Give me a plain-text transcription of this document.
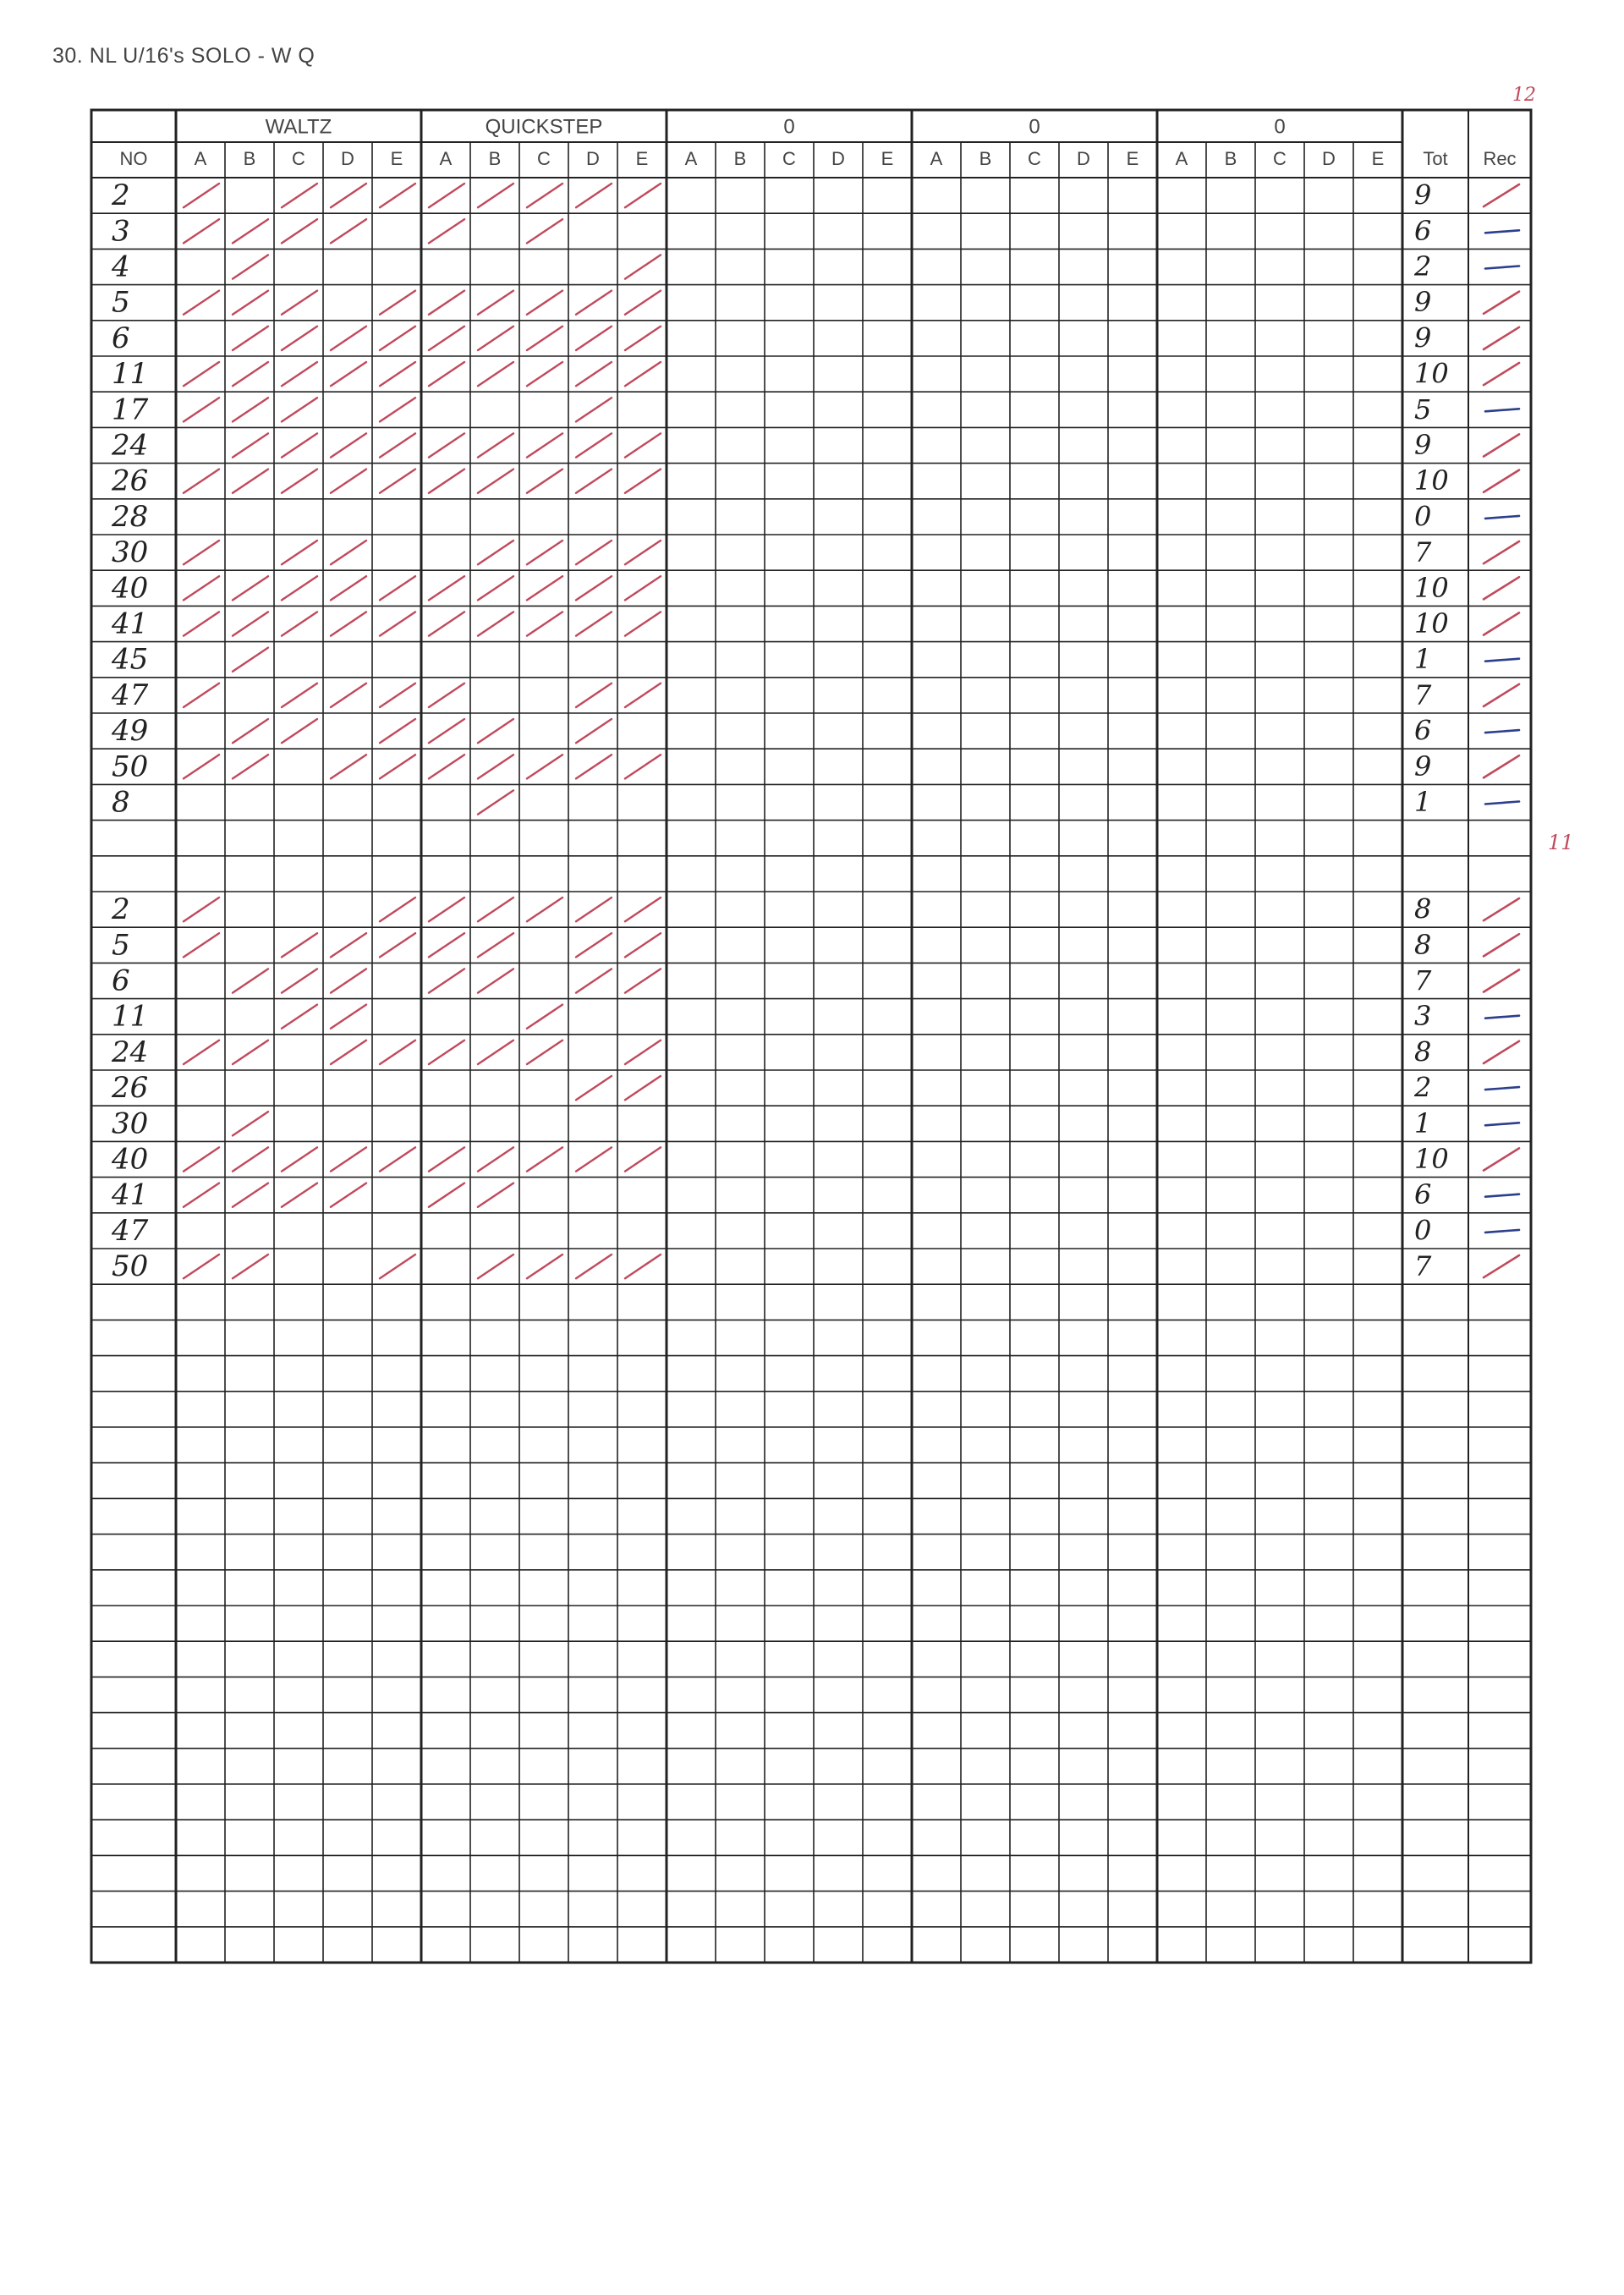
30. NL U/16's SOLO - W Q
12
11
NO
WALTZ
A B C D E
QUICKSTEP
A B C D E
0
A B C D E
0
A B C D E
0
A B C D E Tot Rec
2	9
3	6
4	2
5	9
6	9
11	10
17	5
24	9
26	10
28	0
30	7
40	10
41	10
45	1
47	7
49	6
50	9
8	1
2	8
5	8
6	7
11	3
24	8
26	2
30	1
40	10
41	6
47	0
50	7
